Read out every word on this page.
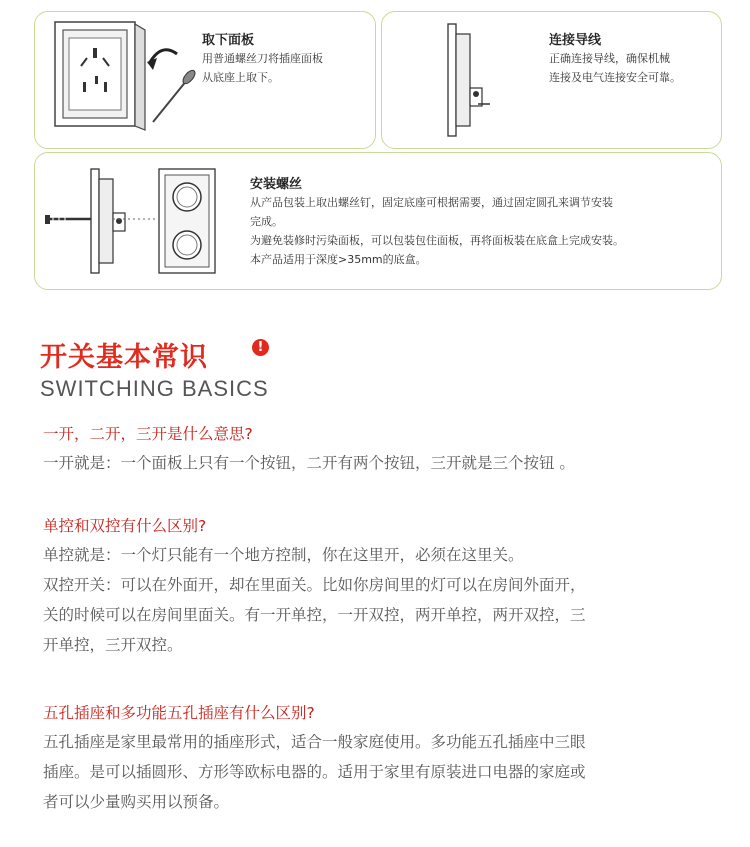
取下面板
用普通螺丝刀将插座面板
从底座上取下。
连接导线
正确连接导线，确保机械
连接及电气连接安全可靠。
安装螺丝
从产品包装上取出螺丝钉，固定底座可根据需要，通过固定圆孔来调节安装
完成。
为避免装修时污染面板，可以包装包住面板，再将面板装在底盒上完成安装。
本产品适用于深度>35mm的底盒。
开关基本常识	!
SWITCHING BASICS
一开，二开，三开是什么意思?
一开就是：一个面板上只有一个按钮，二开有两个按钮，三开就是三个按钮 。
单控和双控有什么区别?
单控就是：一个灯只能有一个地方控制，你在这里开，必须在这里关。
双控开关：可以在外面开，却在里面关。比如你房间里的灯可以在房间外面开，
关的时候可以在房间里面关。有一开单控，一开双控，两开单控，两开双控，三
开单控，三开双控。
五孔插座和多功能五孔插座有什么区别?
五孔插座是家里最常用的插座形式，适合一般家庭使用。多功能五孔插座中三眼
插座。是可以插圆形、方形等欧标电器的。适用于家里有原装进口电器的家庭或
者可以少量购买用以预备。
